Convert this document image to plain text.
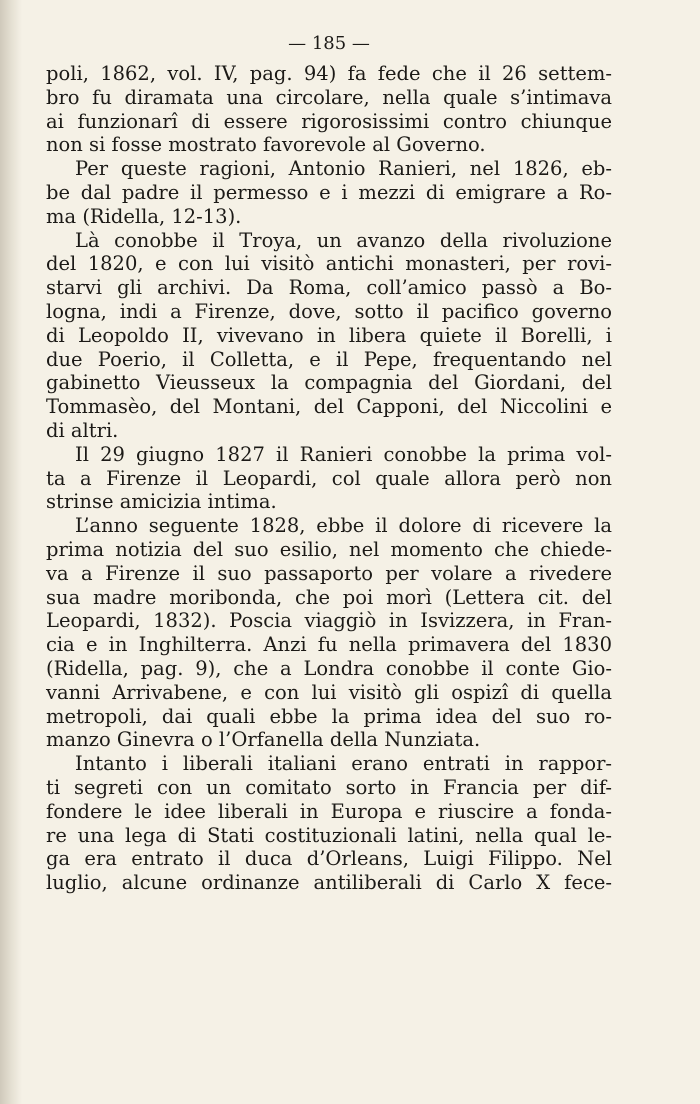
— 185 —
poli, 1862, vol. IV, pag. 94) fa fede che il 26 settem-
bro fu diramata una circolare, nella quale s’intimava
ai funzionarî di essere rigorosissimi contro chiunque
non si fosse mostrato favorevole al Governo.
Per queste ragioni, Antonio Ranieri, nel 1826, eb-
be dal padre il permesso e i mezzi di emigrare a Ro-
ma (Ridella, 12-13).
Là conobbe il Troya, un avanzo della rivoluzione
del 1820, e con lui visitò antichi monasteri, per rovi-
starvi gli archivi. Da Roma, coll’amico passò a Bo-
logna, indi a Firenze, dove, sotto il pacifico governo
di Leopoldo II, vivevano in libera quiete il Borelli, i
due Poerio, il Colletta, e il Pepe, frequentando nel
gabinetto Vieusseux la compagnia del Giordani, del
Tommasèo, del Montani, del Capponi, del Niccolini e
di altri.
Il 29 giugno 1827 il Ranieri conobbe la prima vol-
ta a Firenze il Leopardi, col quale allora però non
strinse amicizia intima.
L’anno seguente 1828, ebbe il dolore di ricevere la
prima notizia del suo esilio, nel momento che chiede-
va a Firenze il suo passaporto per volare a rivedere
sua madre moribonda, che poi morì (Lettera cit. del
Leopardi, 1832). Poscia viaggiò in Isvizzera, in Fran-
cia e in Inghilterra. Anzi fu nella primavera del 1830
(Ridella, pag. 9), che a Londra conobbe il conte Gio-
vanni Arrivabene, e con lui visitò gli ospizî di quella
metropoli, dai quali ebbe la prima idea del suo ro-
manzo Ginevra o l’Orfanella della Nunziata.
Intanto i liberali italiani erano entrati in rappor-
ti segreti con un comitato sorto in Francia per dif-
fondere le idee liberali in Europa e riuscire a fonda-
re una lega di Stati costituzionali latini, nella qual le-
ga era entrato il duca d’Orleans, Luigi Filippo. Nel
luglio, alcune ordinanze antiliberali di Carlo X fece-
